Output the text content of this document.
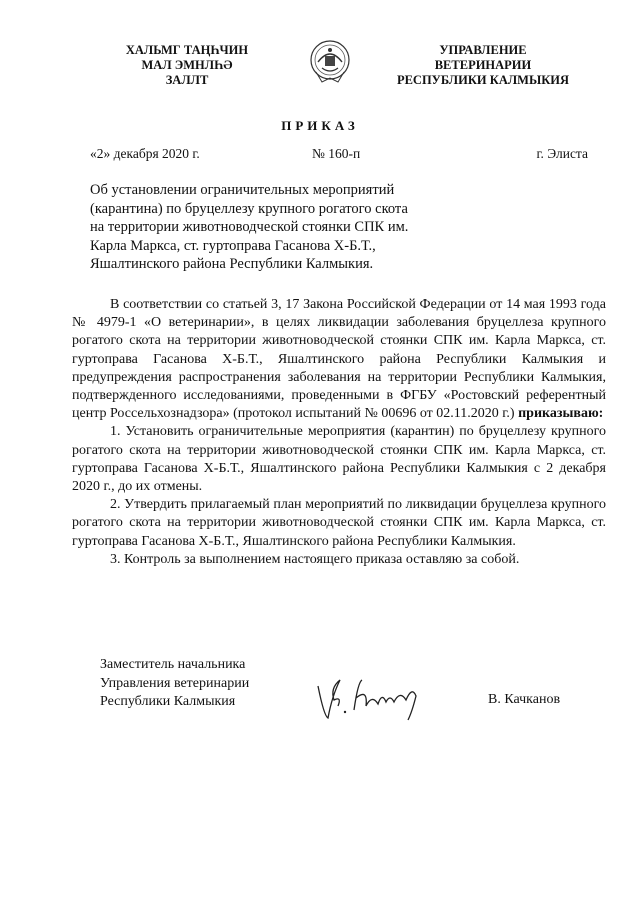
ХАЛЬМГ ТАҢҺЧИН
МАЛ ЭМНЛҺӘ
ЗАЛЛТ
УПРАВЛЕНИЕ
ВЕТЕРИНАРИИ
РЕСПУБЛИКИ КАЛМЫКИЯ
ПРИКАЗ
«2» декабря 2020 г.	№ 160-п	г. Элиста
Об установлении ограничительных мероприятий
(карантина) по бруцеллезу крупного рогатого скота
на территории животноводческой стоянки СПК им.
Карла Маркса, ст. гуртоправа Гасанова Х-Б.Т.,
Яшалтинского района Республики Калмыкия.

В соответствии со статьей 3, 17 Закона Российской Федерации от 14 мая 1993 года № 4979-1 «О ветеринарии», в целях ликвидации заболевания бруцеллеза крупного рогатого скота на территории животноводческой стоянки СПК им. Карла Маркса, ст. гуртоправа Гасанова Х-Б.Т., Яшалтинского района Республики Калмыкия и предупреждения распространения заболевания на территории Республики Калмыкия, подтвержденного исследованиями, проведенными в ФГБУ «Ростовский референтный центр Россельхознадзора» (протокол испытаний № 00696 от 02.11.2020 г.) приказываю:

1. Установить ограничительные мероприятия (карантин) по бруцеллезу крупного рогатого скота на территории животноводческой стоянки СПК им. Карла Маркса, ст. гуртоправа Гасанова Х-Б.Т., Яшалтинского района Республики Калмыкия с 2 декабря 2020 г., до их отмены.

2. Утвердить прилагаемый план мероприятий по ликвидации бруцеллеза крупного рогатого скота на территории животноводческой стоянки СПК им. Карла Маркса, ст. гуртоправа Гасанова Х-Б.Т., Яшалтинского района Республики Калмыкия.

3. Контроль за выполнением настоящего приказа оставляю за собой.

Заместитель начальника
Управления ветеринарии
Республики Калмыкия	В. Качканов
